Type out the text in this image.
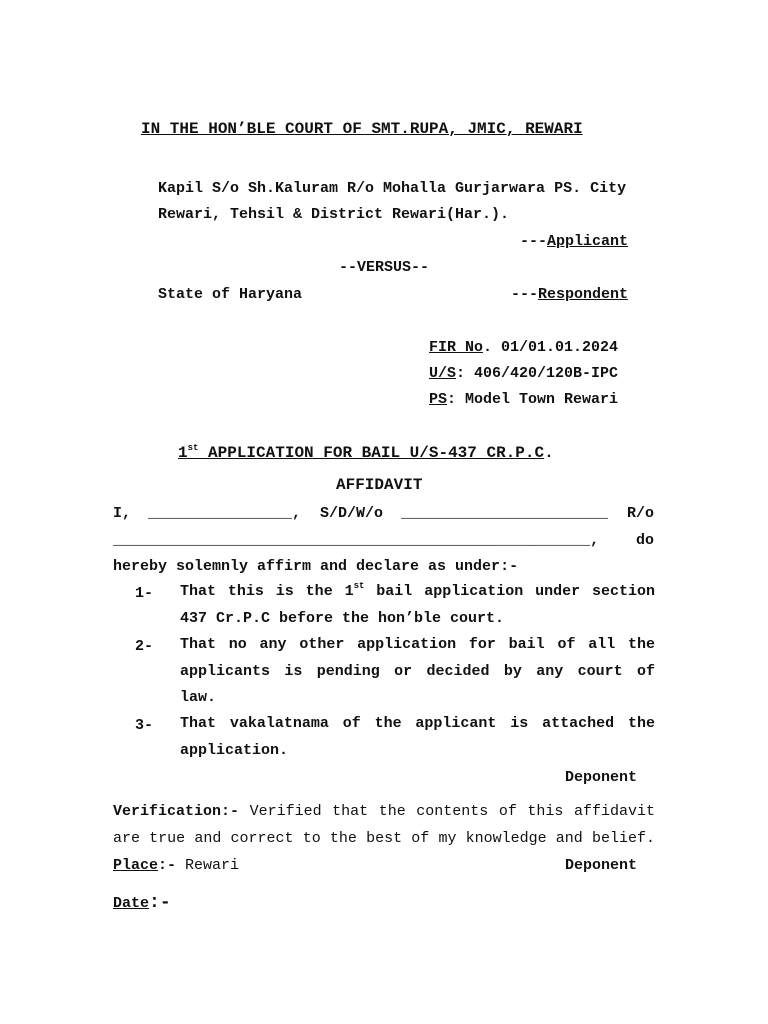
IN THE HON’BLE COURT OF SMT.RUPA, JMIC, REWARI
Kapil S/o Sh.Kaluram R/o Mohalla Gurjarwara PS. City
Rewari, Tehsil & District Rewari(Har.).
---Applicant
--VERSUS--
State of Haryana	---Respondent
FIR No. 01/01.01.2024
U/S: 406/420/120B-IPC
PS: Model Town Rewari
1st APPLICATION FOR BAIL U/S-437 CR.P.C.
AFFIDAVIT
I, ________________, S/D/W/o _______________________ R/o
_____________________________________________________, do
hereby solemnly affirm and declare as under:-
1- That this is the 1st bail application under section 437 Cr.P.C before the hon’ble court.
2- That no any other application for bail of all the applicants is pending or decided by any court of law.
3- That vakalatnama of the applicant is attached the application.
Deponent
Verification:- Verified that the contents of this affidavit are true and correct to the best of my knowledge and belief.
Place:- Rewari	Deponent
Date:-
